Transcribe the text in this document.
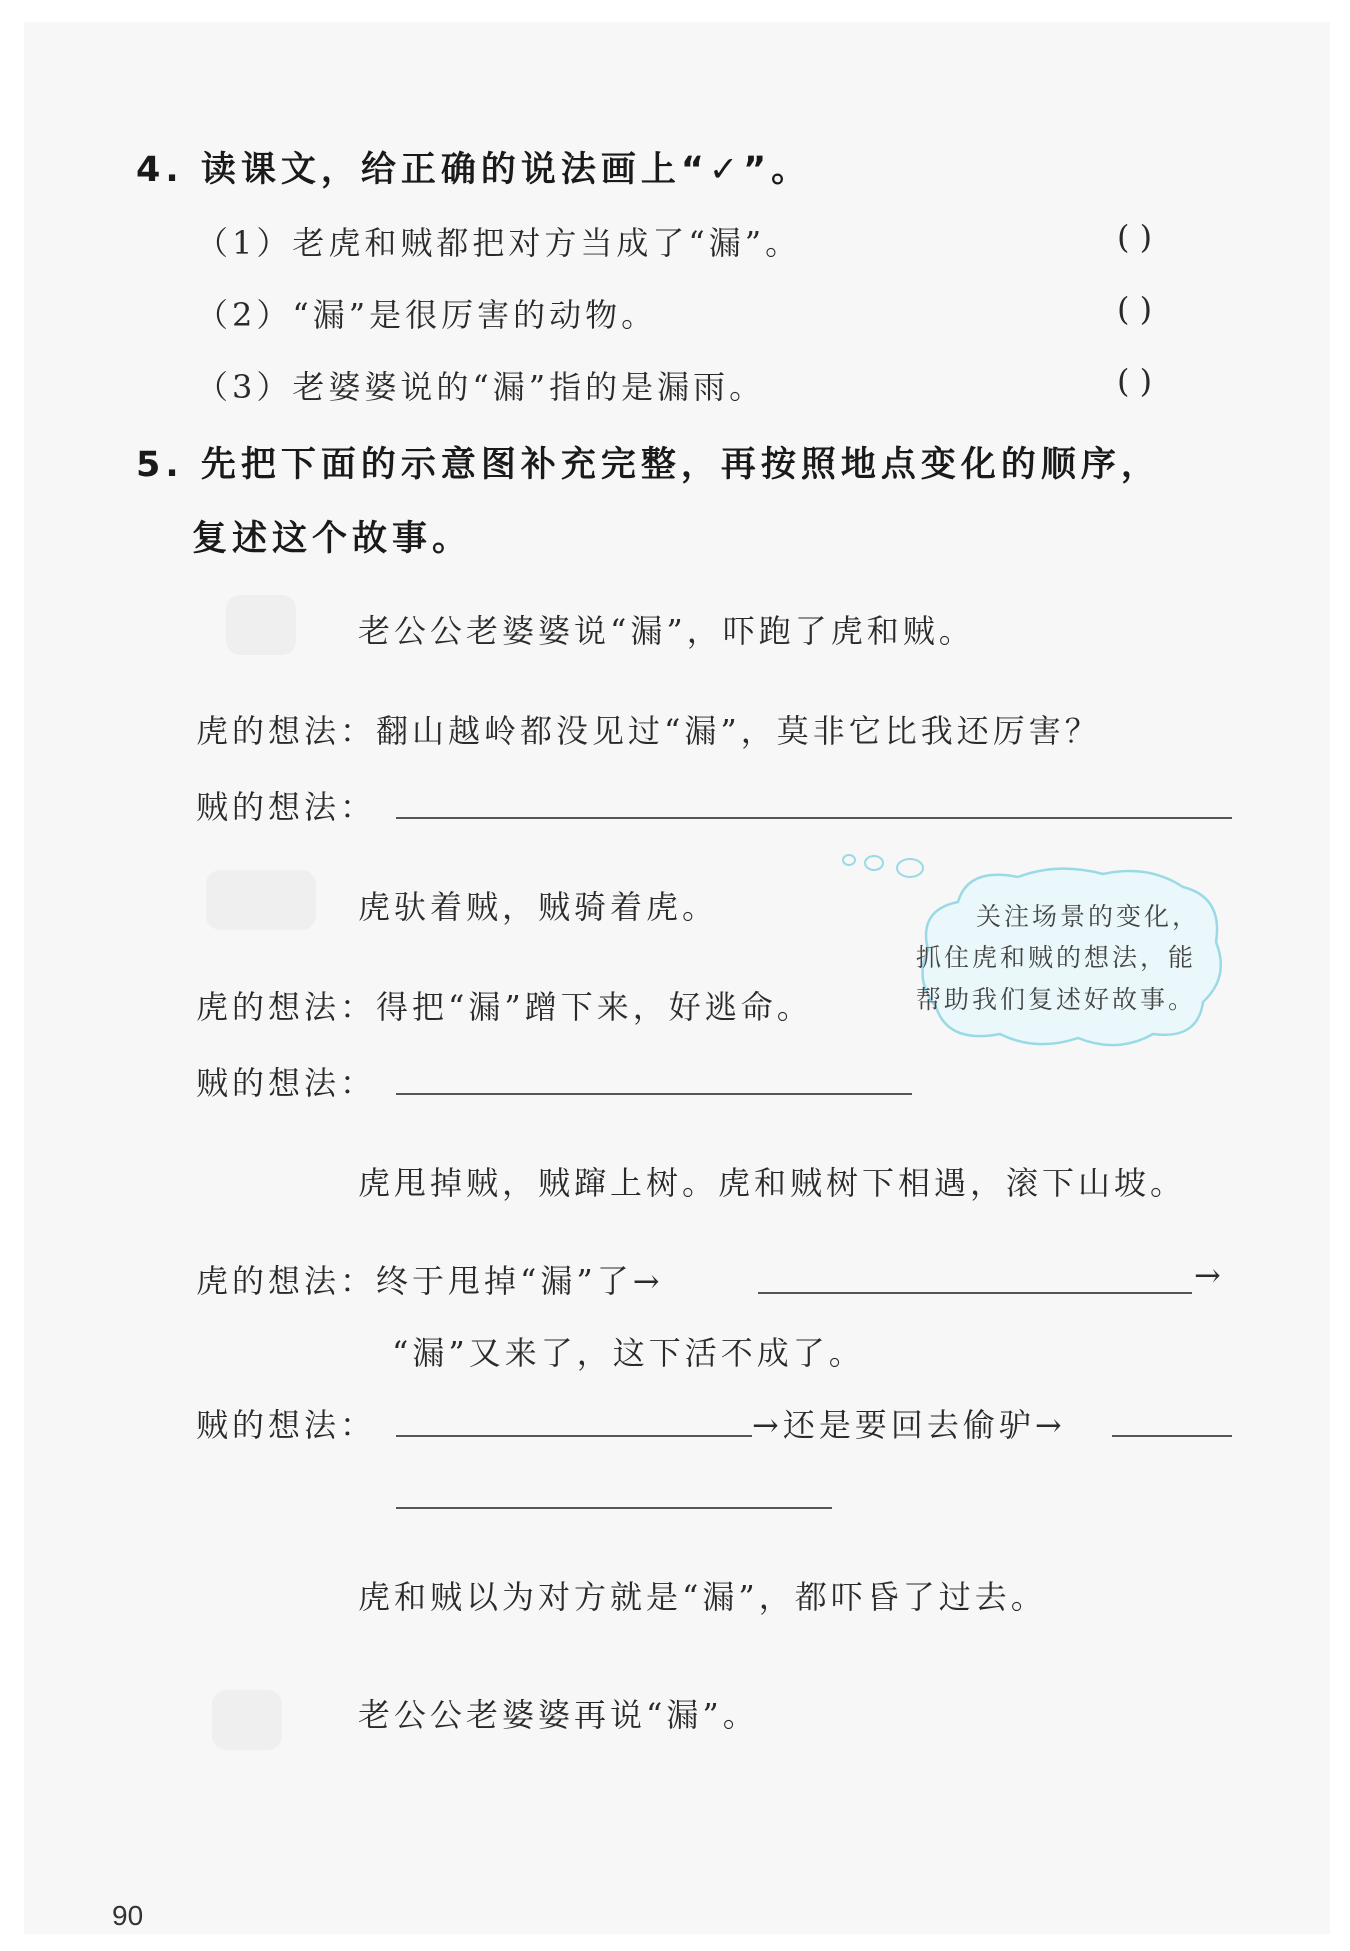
4. 读课文，给正确的说法画上“✓”。
（1）老虎和贼都把对方当成了“漏”。	( )
（2）“漏”是很厉害的动物。	( )
（3）老婆婆说的“漏”指的是漏雨。	( )
5. 先把下面的示意图补充完整，再按照地点变化的顺序，
复述这个故事。
老公公老婆婆说“漏”，吓跑了虎和贼。
虎的想法：翻山越岭都没见过“漏”，莫非它比我还厉害？
贼的想法：
虎驮着贼，贼骑着虎。
虎的想法：得把“漏”蹭下来，好逃命。
贼的想法：
关注场景的变化，
抓住虎和贼的想法，能
帮助我们复述好故事。
虎甩掉贼，贼蹿上树。虎和贼树下相遇，滚下山坡。
虎的想法：终于甩掉“漏”了→	→
“漏”又来了，这下活不成了。
贼的想法：	→还是要回去偷驴→
虎和贼以为对方就是“漏”，都吓昏了过去。
老公公老婆婆再说“漏”。
90
